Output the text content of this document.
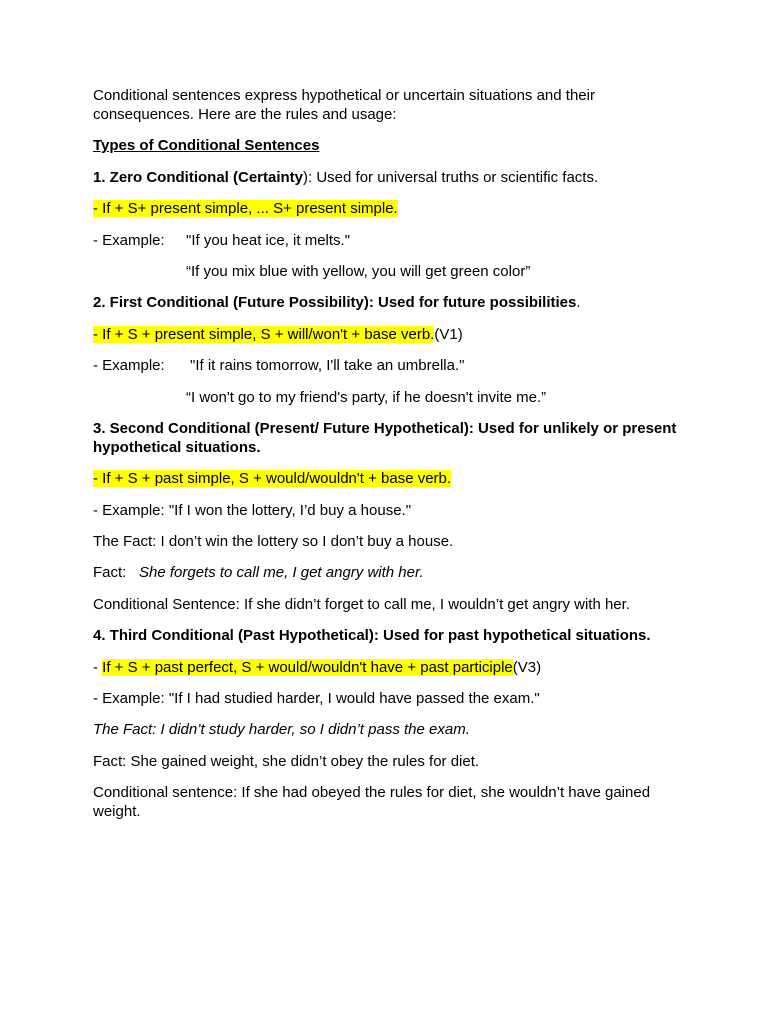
Conditional sentences express hypothetical or uncertain situations and their consequences. Here are the rules and usage:

Types of Conditional Sentences

1. Zero Conditional (Certainty): Used for universal truths or scientific facts.

- If + S+ present simple, ... S+ present simple.

- Example: "If you heat ice, it melts."

“If you mix blue with yellow, you will get green color”

2. First Conditional (Future Possibility): Used for future possibilities.

- If + S + present simple, S + will/won't + base verb.(V1)

- Example: "If it rains tomorrow, I'll take an umbrella."

“I won't go to my friend's party, if he doesn't invite me.”

3. Second Conditional (Present/ Future Hypothetical): Used for unlikely or present hypothetical situations.

- If + S + past simple, S + would/wouldn't + base verb.

- Example: "If I won the lottery, I’d buy a house."

The Fact: I don’t win the lottery so I don’t buy a house.

Fact: She forgets to call me, I get angry with her.

Conditional Sentence: If she didn’t forget to call me, I wouldn’t get angry with her.

4. Third Conditional (Past Hypothetical): Used for past hypothetical situations.

- If + S + past perfect, S + would/wouldn't have + past participle(V3)

- Example: "If I had studied harder, I would have passed the exam."

The Fact: I didn’t study harder, so I didn’t pass the exam.

Fact: She gained weight, she didn’t obey the rules for diet.

Conditional sentence: If she had obeyed the rules for diet, she wouldn’t have gained weight.
